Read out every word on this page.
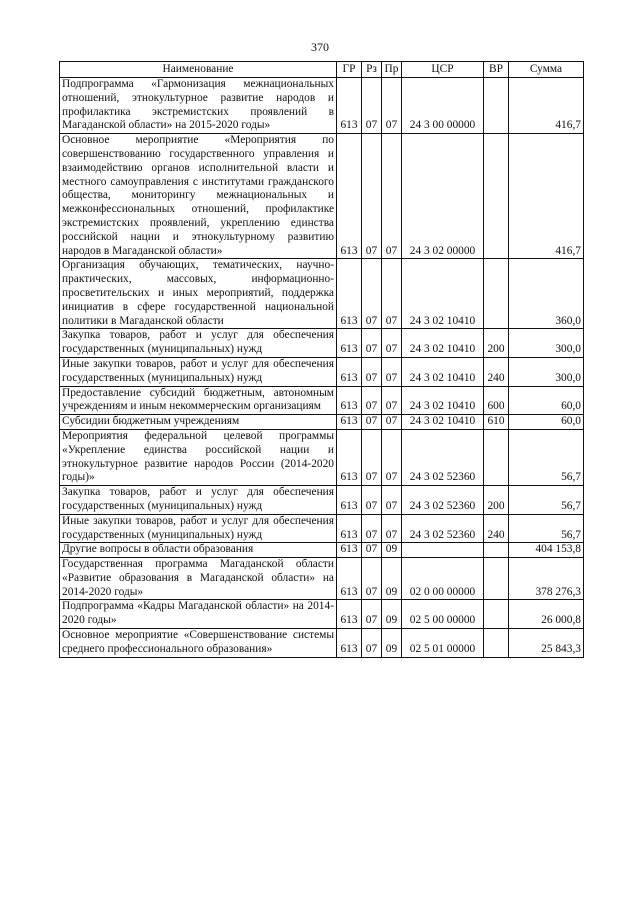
370
Наименование	ГР	Рз	Пр	ЦСР	ВР	Сумма
Подпрограмма «Гармонизация межнациональных отношений, этнокультурное развитие народов и профилактика экстремистских проявлений в Магаданской области» на 2015-2020 годы»	613	07	07	24 3 00 00000		416,7
Основное мероприятие «Мероприятия по совершенствованию государственного управления и взаимодействию органов исполнительной власти и местного самоуправления с институтами гражданского общества, мониторингу межнациональных и межконфессиональных отношений, профилактике экстремистских проявлений, укреплению единства российской нации и этнокультурному развитию народов в Магаданской области»	613	07	07	24 3 02 00000		416,7
Организация обучающих, тематических, научно-практических, массовых, информационно-просветительских и иных мероприятий, поддержка инициатив в сфере государственной национальной политики в Магаданской области	613	07	07	24 3 02 10410		360,0
Закупка товаров, работ и услуг для обеспечения государственных (муниципальных) нужд	613	07	07	24 3 02 10410	200	300,0
Иные закупки товаров, работ и услуг для обеспечения государственных (муниципальных) нужд	613	07	07	24 3 02 10410	240	300,0
Предоставление субсидий бюджетным, автономным учреждениям и иным некоммерческим организациям	613	07	07	24 3 02 10410	600	60,0
Субсидии бюджетным учреждениям	613	07	07	24 3 02 10410	610	60,0
Мероприятия федеральной целевой программы «Укрепление единства российской нации и этнокультурное развитие народов России (2014-2020 годы)»	613	07	07	24 3 02 52360		56,7
Закупка товаров, работ и услуг для обеспечения государственных (муниципальных) нужд	613	07	07	24 3 02 52360	200	56,7
Иные закупки товаров, работ и услуг для обеспечения государственных (муниципальных) нужд	613	07	07	24 3 02 52360	240	56,7
Другие вопросы в области образования	613	07	09			404 153,8
Государственная программа Магаданской области «Развитие образования в Магаданской области» на 2014-2020 годы»	613	07	09	02 0 00 00000		378 276,3
Подпрограмма «Кадры Магаданской области» на 2014-2020 годы»	613	07	09	02 5 00 00000		26 000,8
Основное мероприятие «Совершенствование системы среднего профессионального образования»	613	07	09	02 5 01 00000		25 843,3
